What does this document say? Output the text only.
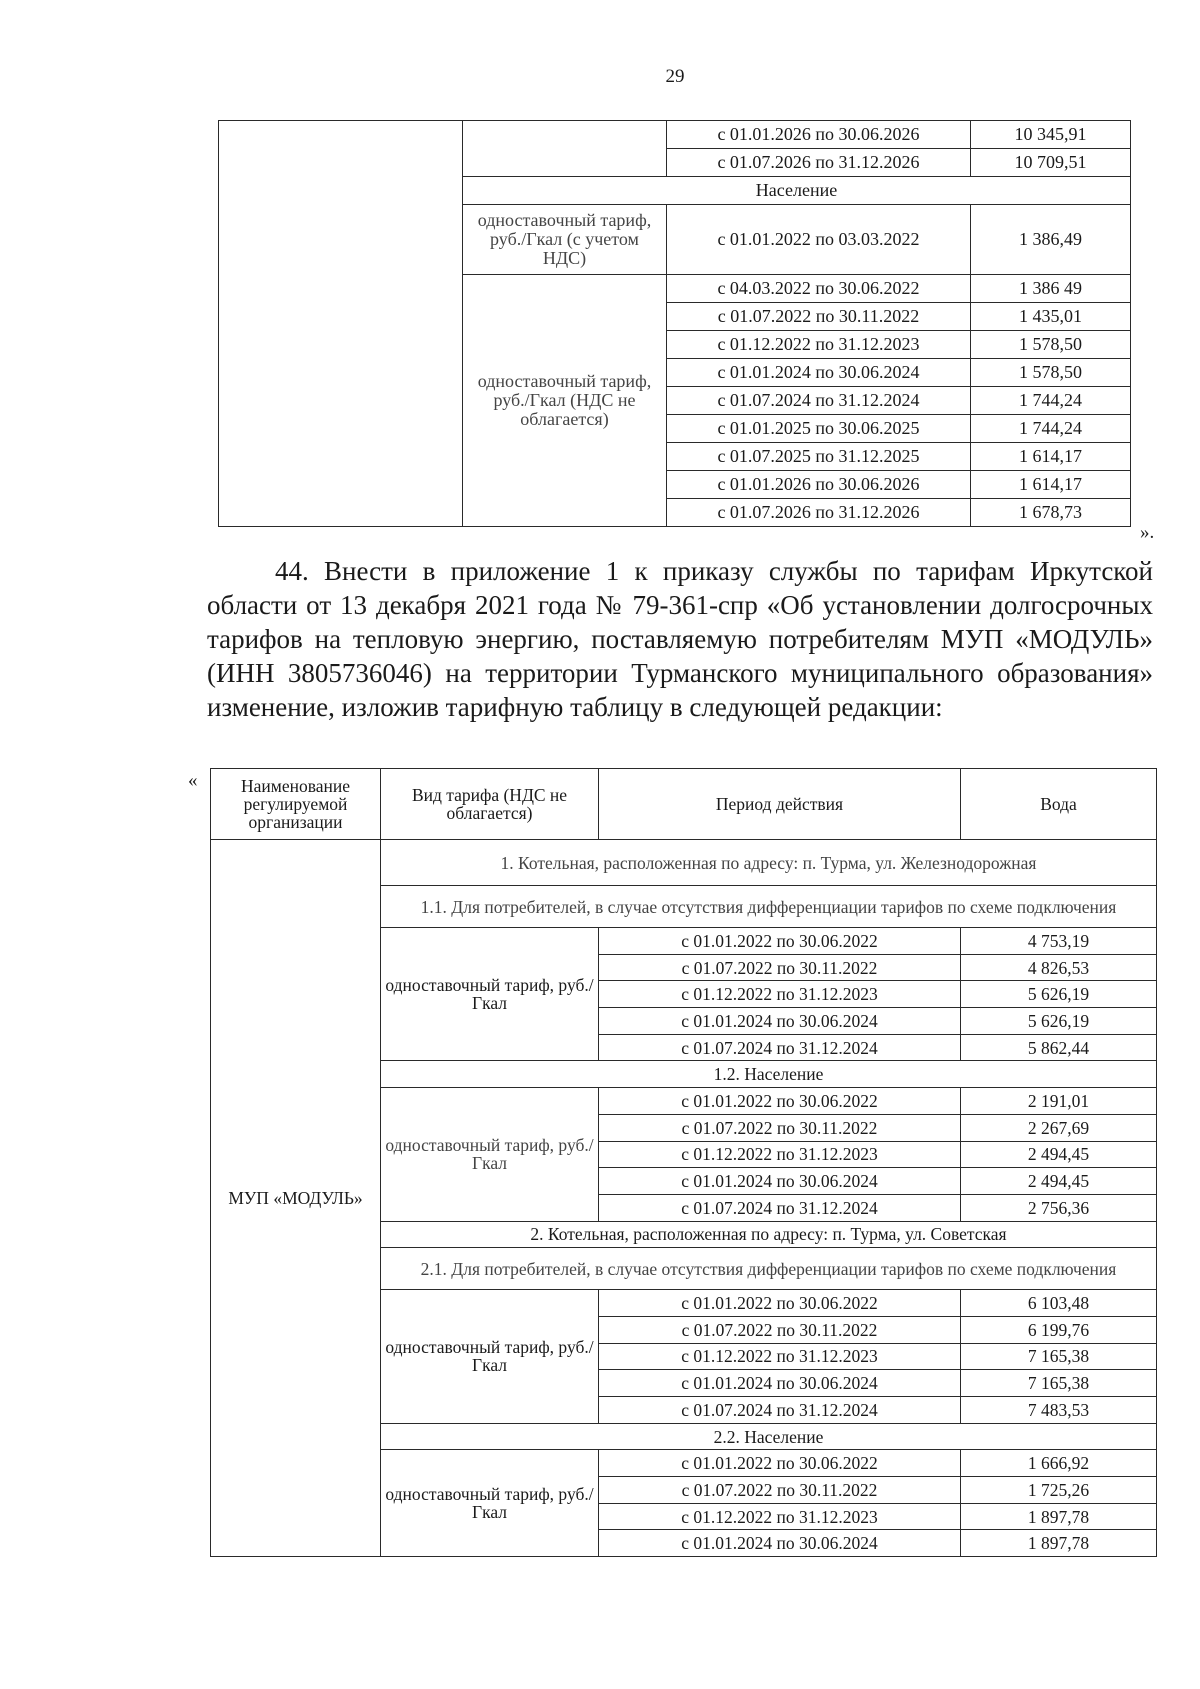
29
		с 01.01.2026 по 30.06.2026	10 345,91
		с 01.07.2026 по 31.12.2026	10 709,51
	Население		
	одноставочный тариф, руб./Гкал (с учетом НДС)	с 01.01.2022 по 03.03.2022	1 386,49
	одноставочный тариф, руб./Гкал (НДС не облагается)	с 04.03.2022 по 30.06.2022	1 386 49
		с 01.07.2022 по 30.11.2022	1 435,01
		с 01.12.2022 по 31.12.2023	1 578,50
		с 01.01.2024 по 30.06.2024	1 578,50
		с 01.07.2024 по 31.12.2024	1 744,24
		с 01.01.2025 по 30.06.2025	1 744,24
		с 01.07.2025 по 31.12.2025	1 614,17
		с 01.01.2026 по 30.06.2026	1 614,17
		с 01.07.2026 по 31.12.2026	1 678,73
».
44. Внести в приложение 1 к приказу службы по тарифам Иркутской области от 13 декабря 2021 года № 79-361-спр «Об установлении долгосрочных тарифов на тепловую энергию, поставляемую потребителям МУП «МОДУЛЬ» (ИНН 3805736046) на территории Турманского муниципального образования» изменение, изложив тарифную таблицу в следующей редакции:
« Наименование регулируемой организации	Вид тарифа (НДС не облагается)	Период действия	Вода
МУП «МОДУЛЬ»	1. Котельная, расположенная по адресу: п. Турма, ул. Железнодорожная		
	1.1. Для потребителей, в случае отсутствия дифференциации тарифов по схеме подключения		
	одноставочный тариф, руб./Гкал	с 01.01.2022 по 30.06.2022	4 753,19
		с 01.07.2022 по 30.11.2022	4 826,53
		с 01.12.2022 по 31.12.2023	5 626,19
		с 01.01.2024 по 30.06.2024	5 626,19
		с 01.07.2024 по 31.12.2024	5 862,44
	1.2. Население		
	одноставочный тариф, руб./Гкал	с 01.01.2022 по 30.06.2022	2 191,01
		с 01.07.2022 по 30.11.2022	2 267,69
		с 01.12.2022 по 31.12.2023	2 494,45
		с 01.01.2024 по 30.06.2024	2 494,45
		с 01.07.2024 по 31.12.2024	2 756,36
	2. Котельная, расположенная по адресу: п. Турма, ул. Советская		
	2.1. Для потребителей, в случае отсутствия дифференциации тарифов по схеме подключения		
	одноставочный тариф, руб./Гкал	с 01.01.2022 по 30.06.2022	6 103,48
		с 01.07.2022 по 30.11.2022	6 199,76
		с 01.12.2022 по 31.12.2023	7 165,38
		с 01.01.2024 по 30.06.2024	7 165,38
		с 01.07.2024 по 31.12.2024	7 483,53
	2.2. Население		
	одноставочный тариф, руб./Гкал	с 01.01.2022 по 30.06.2022	1 666,92
		с 01.07.2022 по 30.11.2022	1 725,26
		с 01.12.2022 по 31.12.2023	1 897,78
		с 01.01.2024 по 30.06.2024	1 897,78
